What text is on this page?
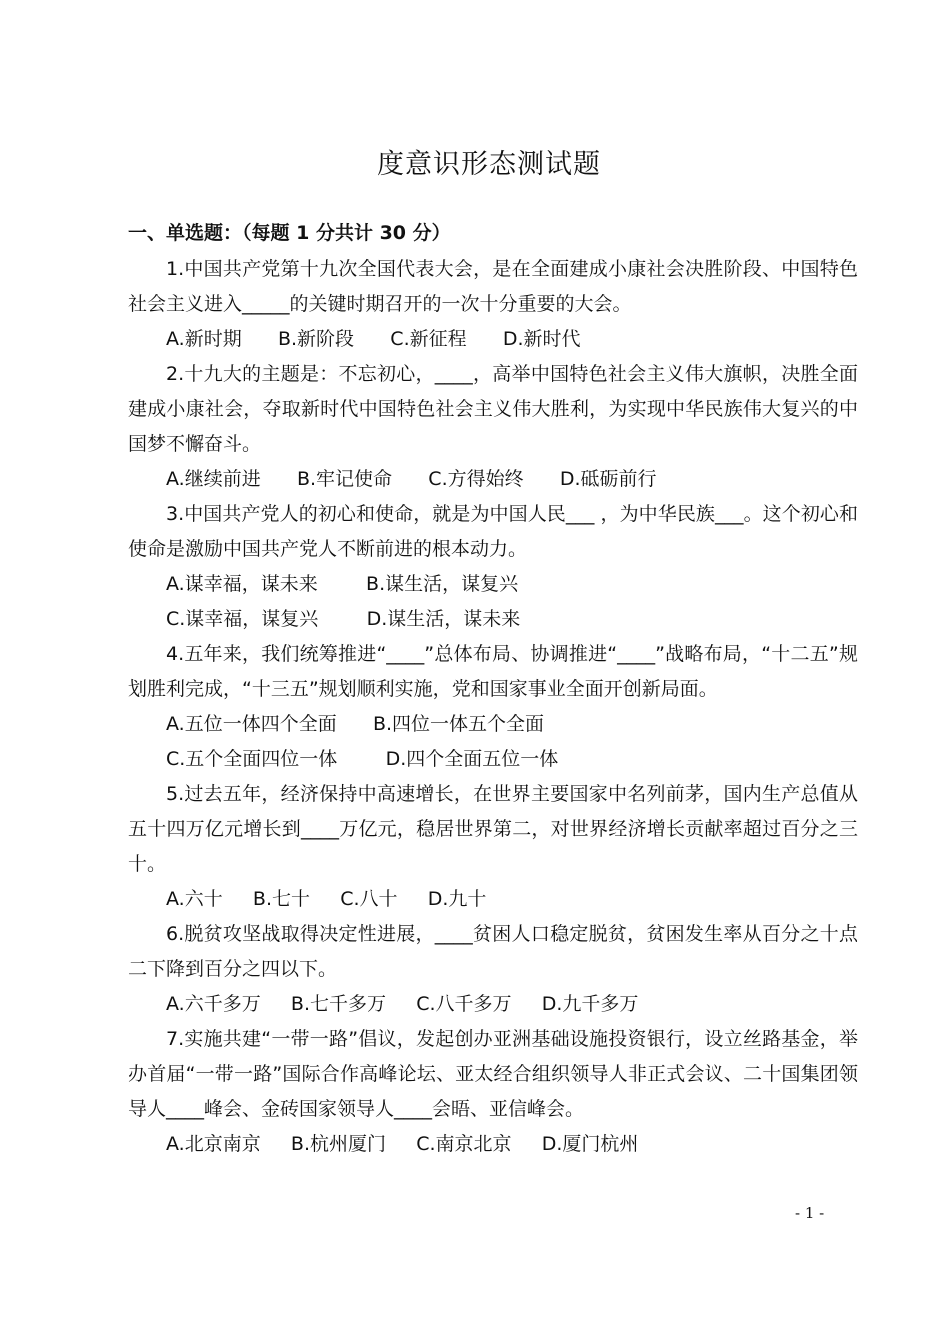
度意识形态测试题
一、单选题：（每题 1 分共计 30 分）

1.中国共产党第十九次全国代表大会，是在全面建成小康社会决胜阶段、中国特色社会主义进入_____的关键时期召开的一次十分重要的大会。

A.新时期 B.新阶段 C.新征程 D.新时代

2.十九大的主题是：不忘初心，____，高举中国特色社会主义伟大旗帜，决胜全面建成小康社会，夺取新时代中国特色社会主义伟大胜利，为实现中华民族伟大复兴的中国梦不懈奋斗。

A.继续前进 B.牢记使命 C.方得始终 D.砥砺前行

3.中国共产党人的初心和使命，就是为中国人民___ ，为中华民族___。这个初心和使命是激励中国共产党人不断前进的根本动力。

A.谋幸福，谋未来	B.谋生活，谋复兴

C.谋幸福，谋复兴	D.谋生活，谋未来

4.五年来，我们统筹推进“____”总体布局、协调推进“____”战略布局，“十二五”规划胜利完成，“十三五”规划顺利实施，党和国家事业全面开创新局面。

A.五位一体四个全面 B.四位一体五个全面

C.五个全面四位一体	D.四个全面五位一体

5.过去五年，经济保持中高速增长，在世界主要国家中名列前茅，国内生产总值从五十四万亿元增长到____万亿元，稳居世界第二，对世界经济增长贡献率超过百分之三十。

A.六十 B.七十 C.八十 D.九十

6.脱贫攻坚战取得决定性进展，____贫困人口稳定脱贫，贫困发生率从百分之十点二下降到百分之四以下。

A.六千多万 B.七千多万 C.八千多万 D.九千多万

7.实施共建“一带一路”倡议，发起创办亚洲基础设施投资银行，设立丝路基金，举办首届“一带一路”国际合作高峰论坛、亚太经合组织领导人非正式会议、二十国集团领导人____峰会、金砖国家领导人____会晤、亚信峰会。

A.北京南京 B.杭州厦门 C.南京北京 D.厦门杭州

- 1 -
